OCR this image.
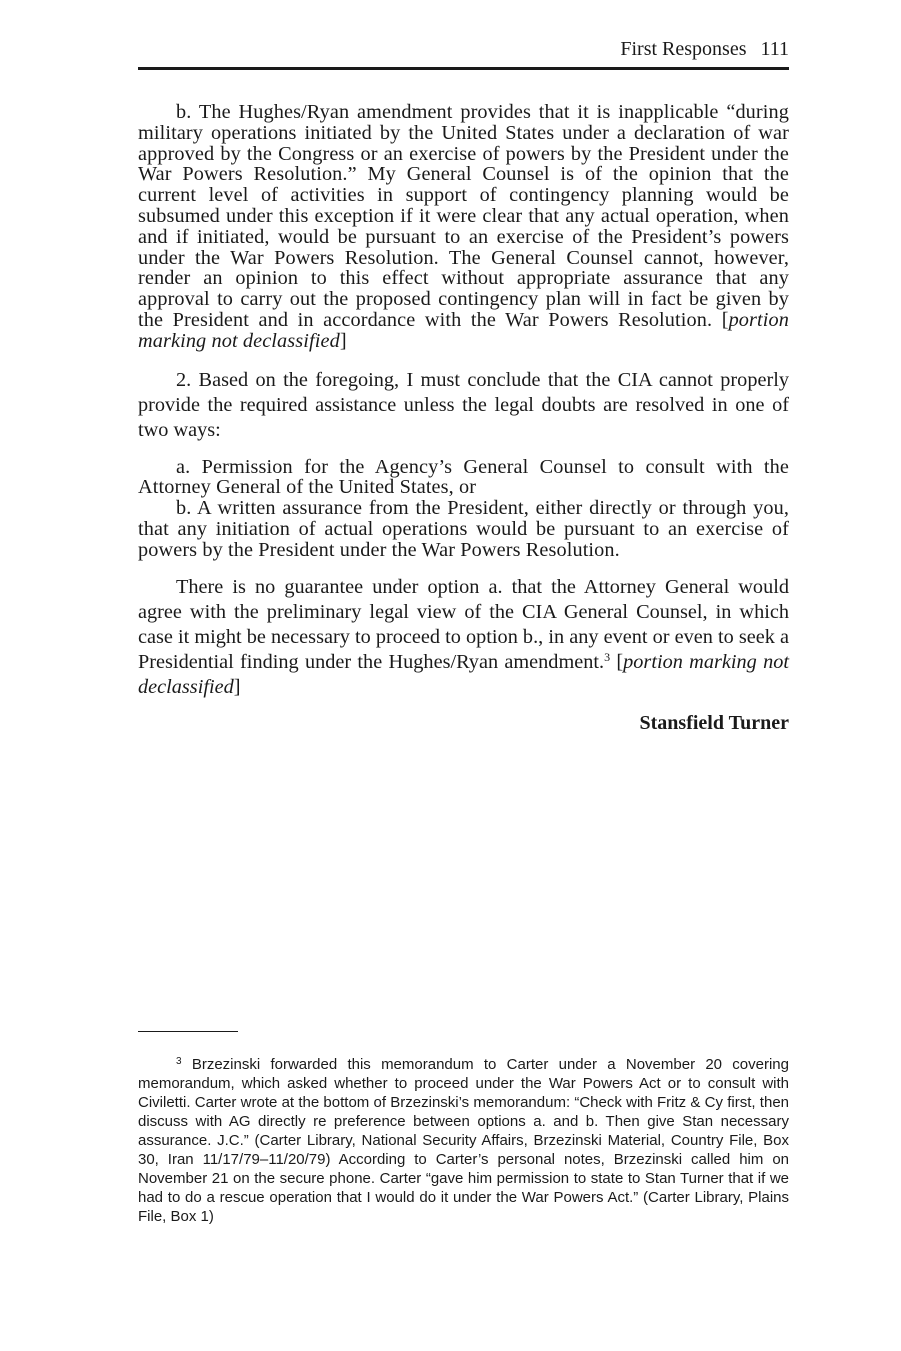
First Responses 111

b. The Hughes/Ryan amendment provides that it is inapplicable “during military operations initiated by the United States under a declaration of war approved by the Congress or an exercise of powers by the President under the War Powers Resolution.” My General Counsel is of the opinion that the current level of activities in support of contingency planning would be subsumed under this exception if it were clear that any actual operation, when and if initiated, would be pursuant to an exercise of the President’s powers under the War Powers Resolution. The General Counsel cannot, however, render an opinion to this effect without appropriate assurance that any approval to carry out the proposed contingency plan will in fact be given by the President and in accordance with the War Powers Resolution. [portion marking not declassified]

2. Based on the foregoing, I must conclude that the CIA cannot properly provide the required assistance unless the legal doubts are resolved in one of two ways:

a. Permission for the Agency’s General Counsel to consult with the Attorney General of the United States, or

b. A written assurance from the President, either directly or through you, that any initiation of actual operations would be pursuant to an exercise of powers by the President under the War Powers Resolution.

There is no guarantee under option a. that the Attorney General would agree with the preliminary legal view of the CIA General Counsel, in which case it might be necessary to proceed to option b., in any event or even to seek a Presidential finding under the Hughes/Ryan amendment.$^3$ [portion marking not declassified]

Stansfield Turner

$^3$ Brzezinski forwarded this memorandum to Carter under a November 20 covering memorandum, which asked whether to proceed under the War Powers Act or to consult with Civiletti. Carter wrote at the bottom of Brzezinski’s memorandum: “Check with Fritz & Cy first, then discuss with AG directly re preference between options a. and b. Then give Stan necessary assurance. J.C.” (Carter Library, National Security Affairs, Brzezinski Material, Country File, Box 30, Iran 11/17/79–11/20/79) According to Carter’s personal notes, Brzezinski called him on November 21 on the secure phone. Carter “gave him permission to state to Stan Turner that if we had to do a rescue operation that I would do it under the War Powers Act.” (Carter Library, Plains File, Box 1)
